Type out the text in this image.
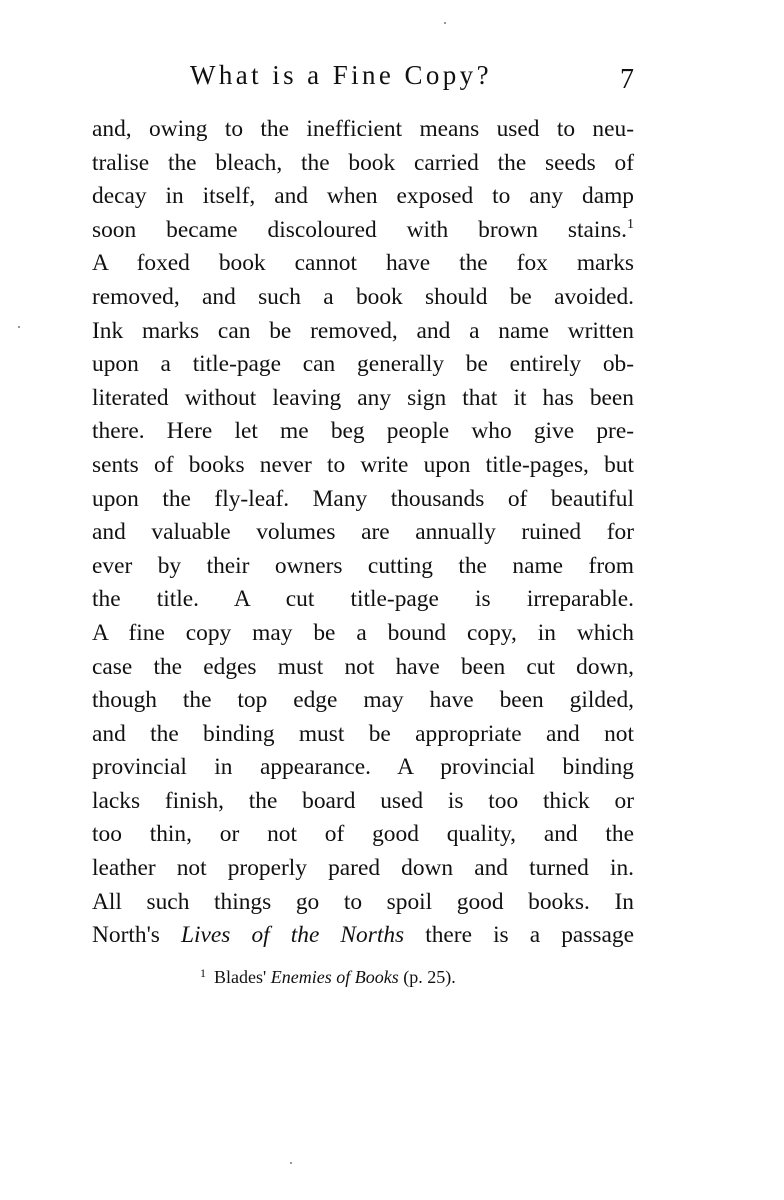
What is a Fine Copy?	7
and, owing to the inefficient means used to neu-
tralise the bleach, the book carried the seeds of
decay in itself, and when exposed to any damp
soon became discoloured with brown stains.$^1$
A foxed book cannot have the fox marks
removed, and such a book should be avoided.
Ink marks can be removed, and a name written
upon a title-page can generally be entirely ob-
literated without leaving any sign that it has been
there. Here let me beg people who give pre-
sents of books never to write upon title-pages, but
upon the fly-leaf. Many thousands of beautiful
and valuable volumes are annually ruined for
ever by their owners cutting the name from
the title. A cut title-page is irreparable.
A fine copy may be a bound copy, in which
case the edges must not have been cut down,
though the top edge may have been gilded,
and the binding must be appropriate and not
provincial in appearance. A provincial binding
lacks finish, the board used is too thick or
too thin, or not of good quality, and the
leather not properly pared down and turned in.
All such things go to spoil good books. In
North's Lives of the Norths there is a passage
$^1$ Blades' Enemies of Books (p. 25).
